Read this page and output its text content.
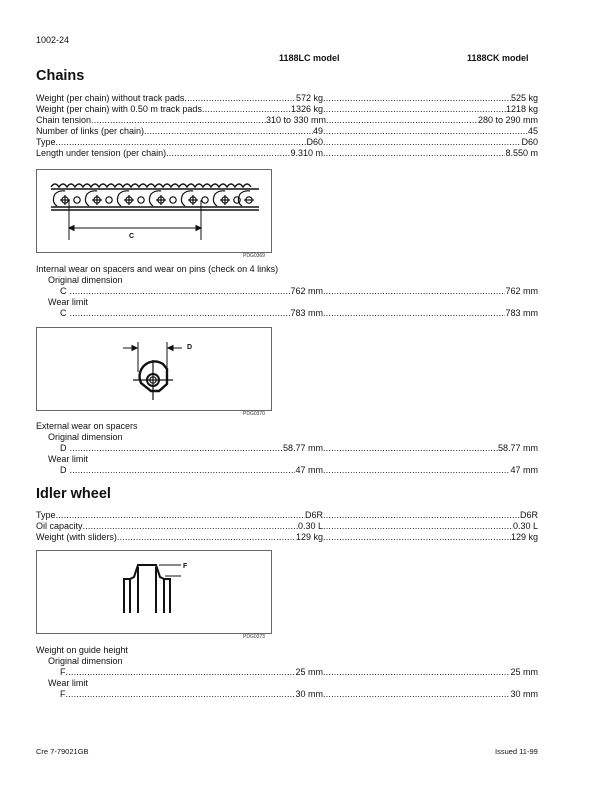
1002-24
1188LC model	1188CK model
Chains
Weight (per chain) without track pads .....	572 kg .....	525 kg
Weight (per chain) with 0.50 m track pads .....	1326 kg .....	1218 kg
Chain tension .....	310 to 330 mm .....	280 to 290 mm
Number of links (per chain) .....	49 .....	45
Type .....	D60 .....	D60
Length under tension (per chain) .....	9.310 m .....	8.550 m
C
PDG0369
Internal wear on spacers and wear on pins (check on 4 links)
Original dimension
C .....	762 mm .....	762 mm
Wear limit
C .....	783 mm .....	783 mm
D
PDG0370
External wear on spacers
Original dimension
D .....	58.77 mm .....	58.77 mm
Wear limit
D .....	47 mm .....	47 mm
Idler wheel
Type .....	D6R .....	D6R
Oil capacity .....	0.30 L .....	0.30 L
Weight (with sliders) .....	129 kg .....	129 kg
F
PDG0373
Weight on guide height
Original dimension
F .....	25 mm .....	25 mm
Wear limit
F .....	30 mm .....	30 mm
Cre 7-79021GB	Issued 11-99
